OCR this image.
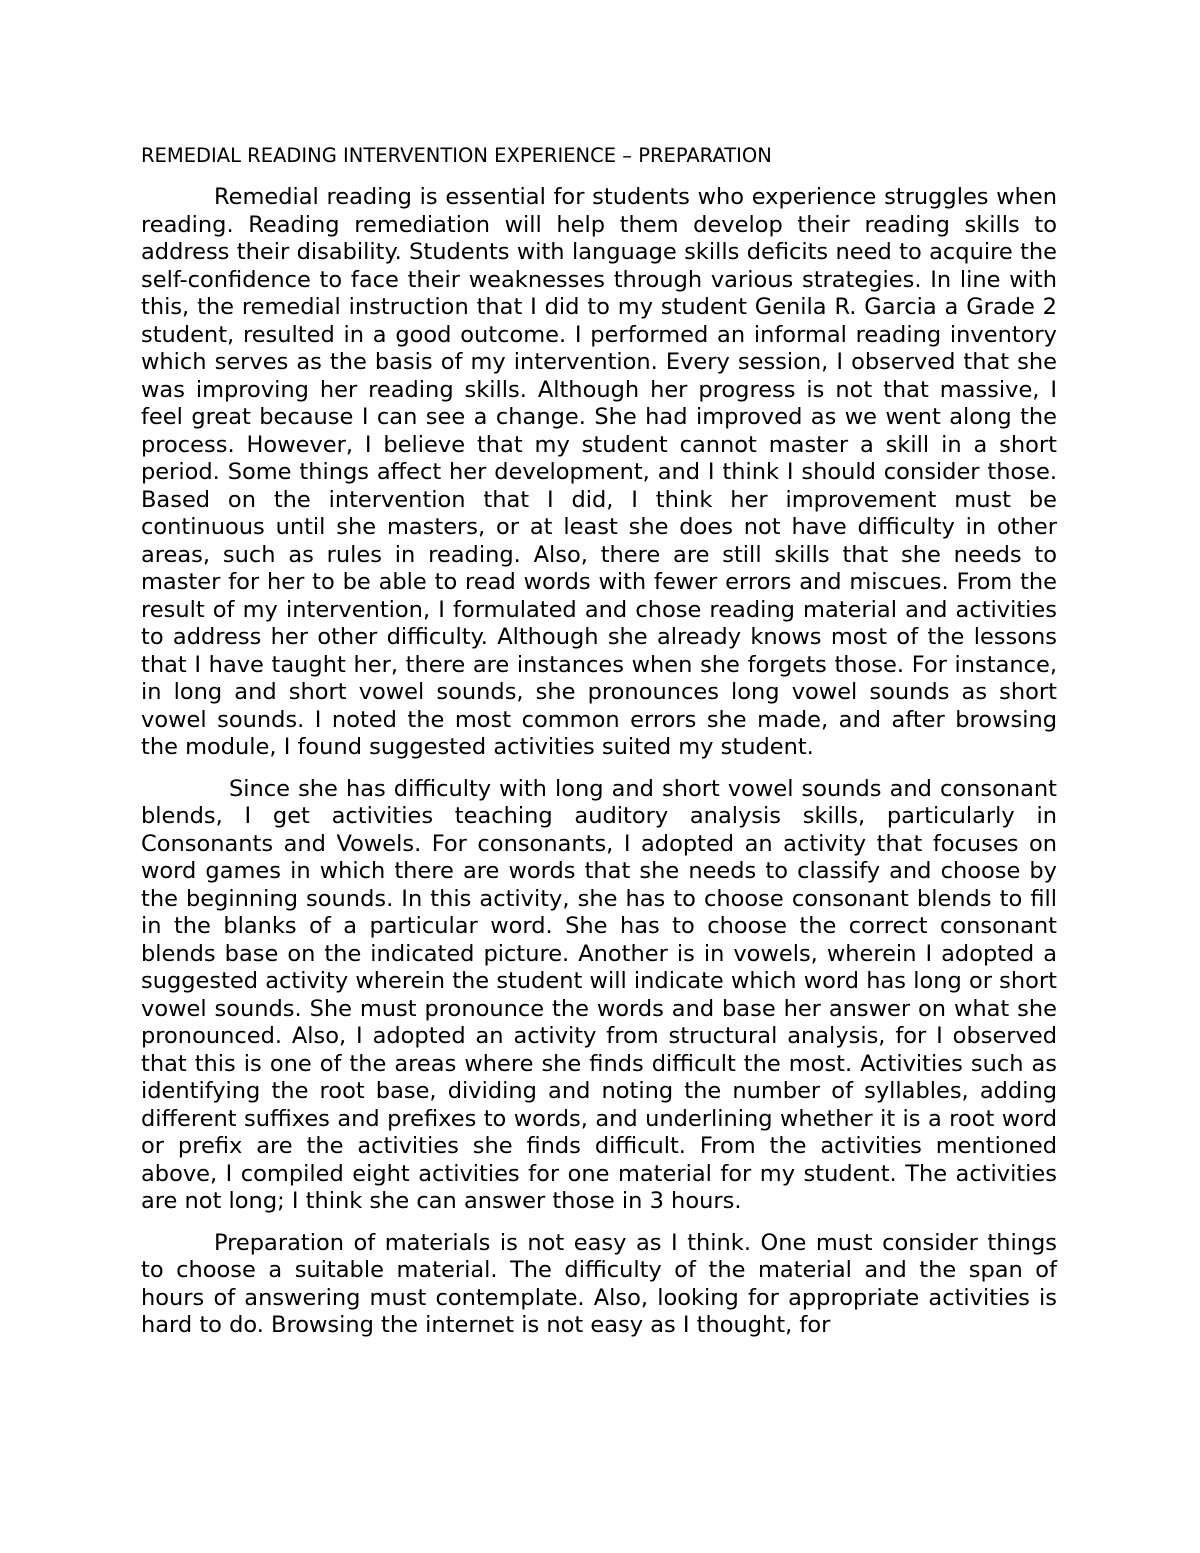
REMEDIAL READING INTERVENTION EXPERIENCE – PREPARATION

Remedial reading is essential for students who experience struggles when reading. Reading remediation will help them develop their reading skills to address their disability. Students with language skills deficits need to acquire the self-confidence to face their weaknesses through various strategies. In line with this, the remedial instruction that I did to my student Genila R. Garcia a Grade 2 student, resulted in a good outcome. I performed an informal reading inventory which serves as the basis of my intervention. Every session, I observed that she was improving her reading skills. Although her progress is not that massive, I feel great because I can see a change. She had improved as we went along the process. However, I believe that my student cannot master a skill in a short period. Some things affect her development, and I think I should consider those. Based on the intervention that I did, I think her improvement must be continuous until she masters, or at least she does not have difficulty in other areas, such as rules in reading. Also, there are still skills that she needs to master for her to be able to read words with fewer errors and miscues. From the result of my intervention, I formulated and chose reading material and activities to address her other difficulty. Although she already knows most of the lessons that I have taught her, there are instances when she forgets those. For instance, in long and short vowel sounds, she pronounces long vowel sounds as short vowel sounds. I noted the most common errors she made, and after browsing the module, I found suggested activities suited my student.

Since she has difficulty with long and short vowel sounds and consonant blends, I get activities teaching auditory analysis skills, particularly in Consonants and Vowels. For consonants, I adopted an activity that focuses on word games in which there are words that she needs to classify and choose by the beginning sounds. In this activity, she has to choose consonant blends to fill in the blanks of a particular word. She has to choose the correct consonant blends base on the indicated picture. Another is in vowels, wherein I adopted a suggested activity wherein the student will indicate which word has long or short vowel sounds. She must pronounce the words and base her answer on what she pronounced. Also, I adopted an activity from structural analysis, for I observed that this is one of the areas where she finds difficult the most. Activities such as identifying the root base, dividing and noting the number of syllables, adding different suffixes and prefixes to words, and underlining whether it is a root word or prefix are the activities she finds difficult. From the activities mentioned above, I compiled eight activities for one material for my student. The activities are not long; I think she can answer those in 3 hours.

Preparation of materials is not easy as I think. One must consider things to choose a suitable material. The difficulty of the material and the span of hours of answering must contemplate. Also, looking for appropriate activities is hard to do. Browsing the internet is not easy as I thought, for
